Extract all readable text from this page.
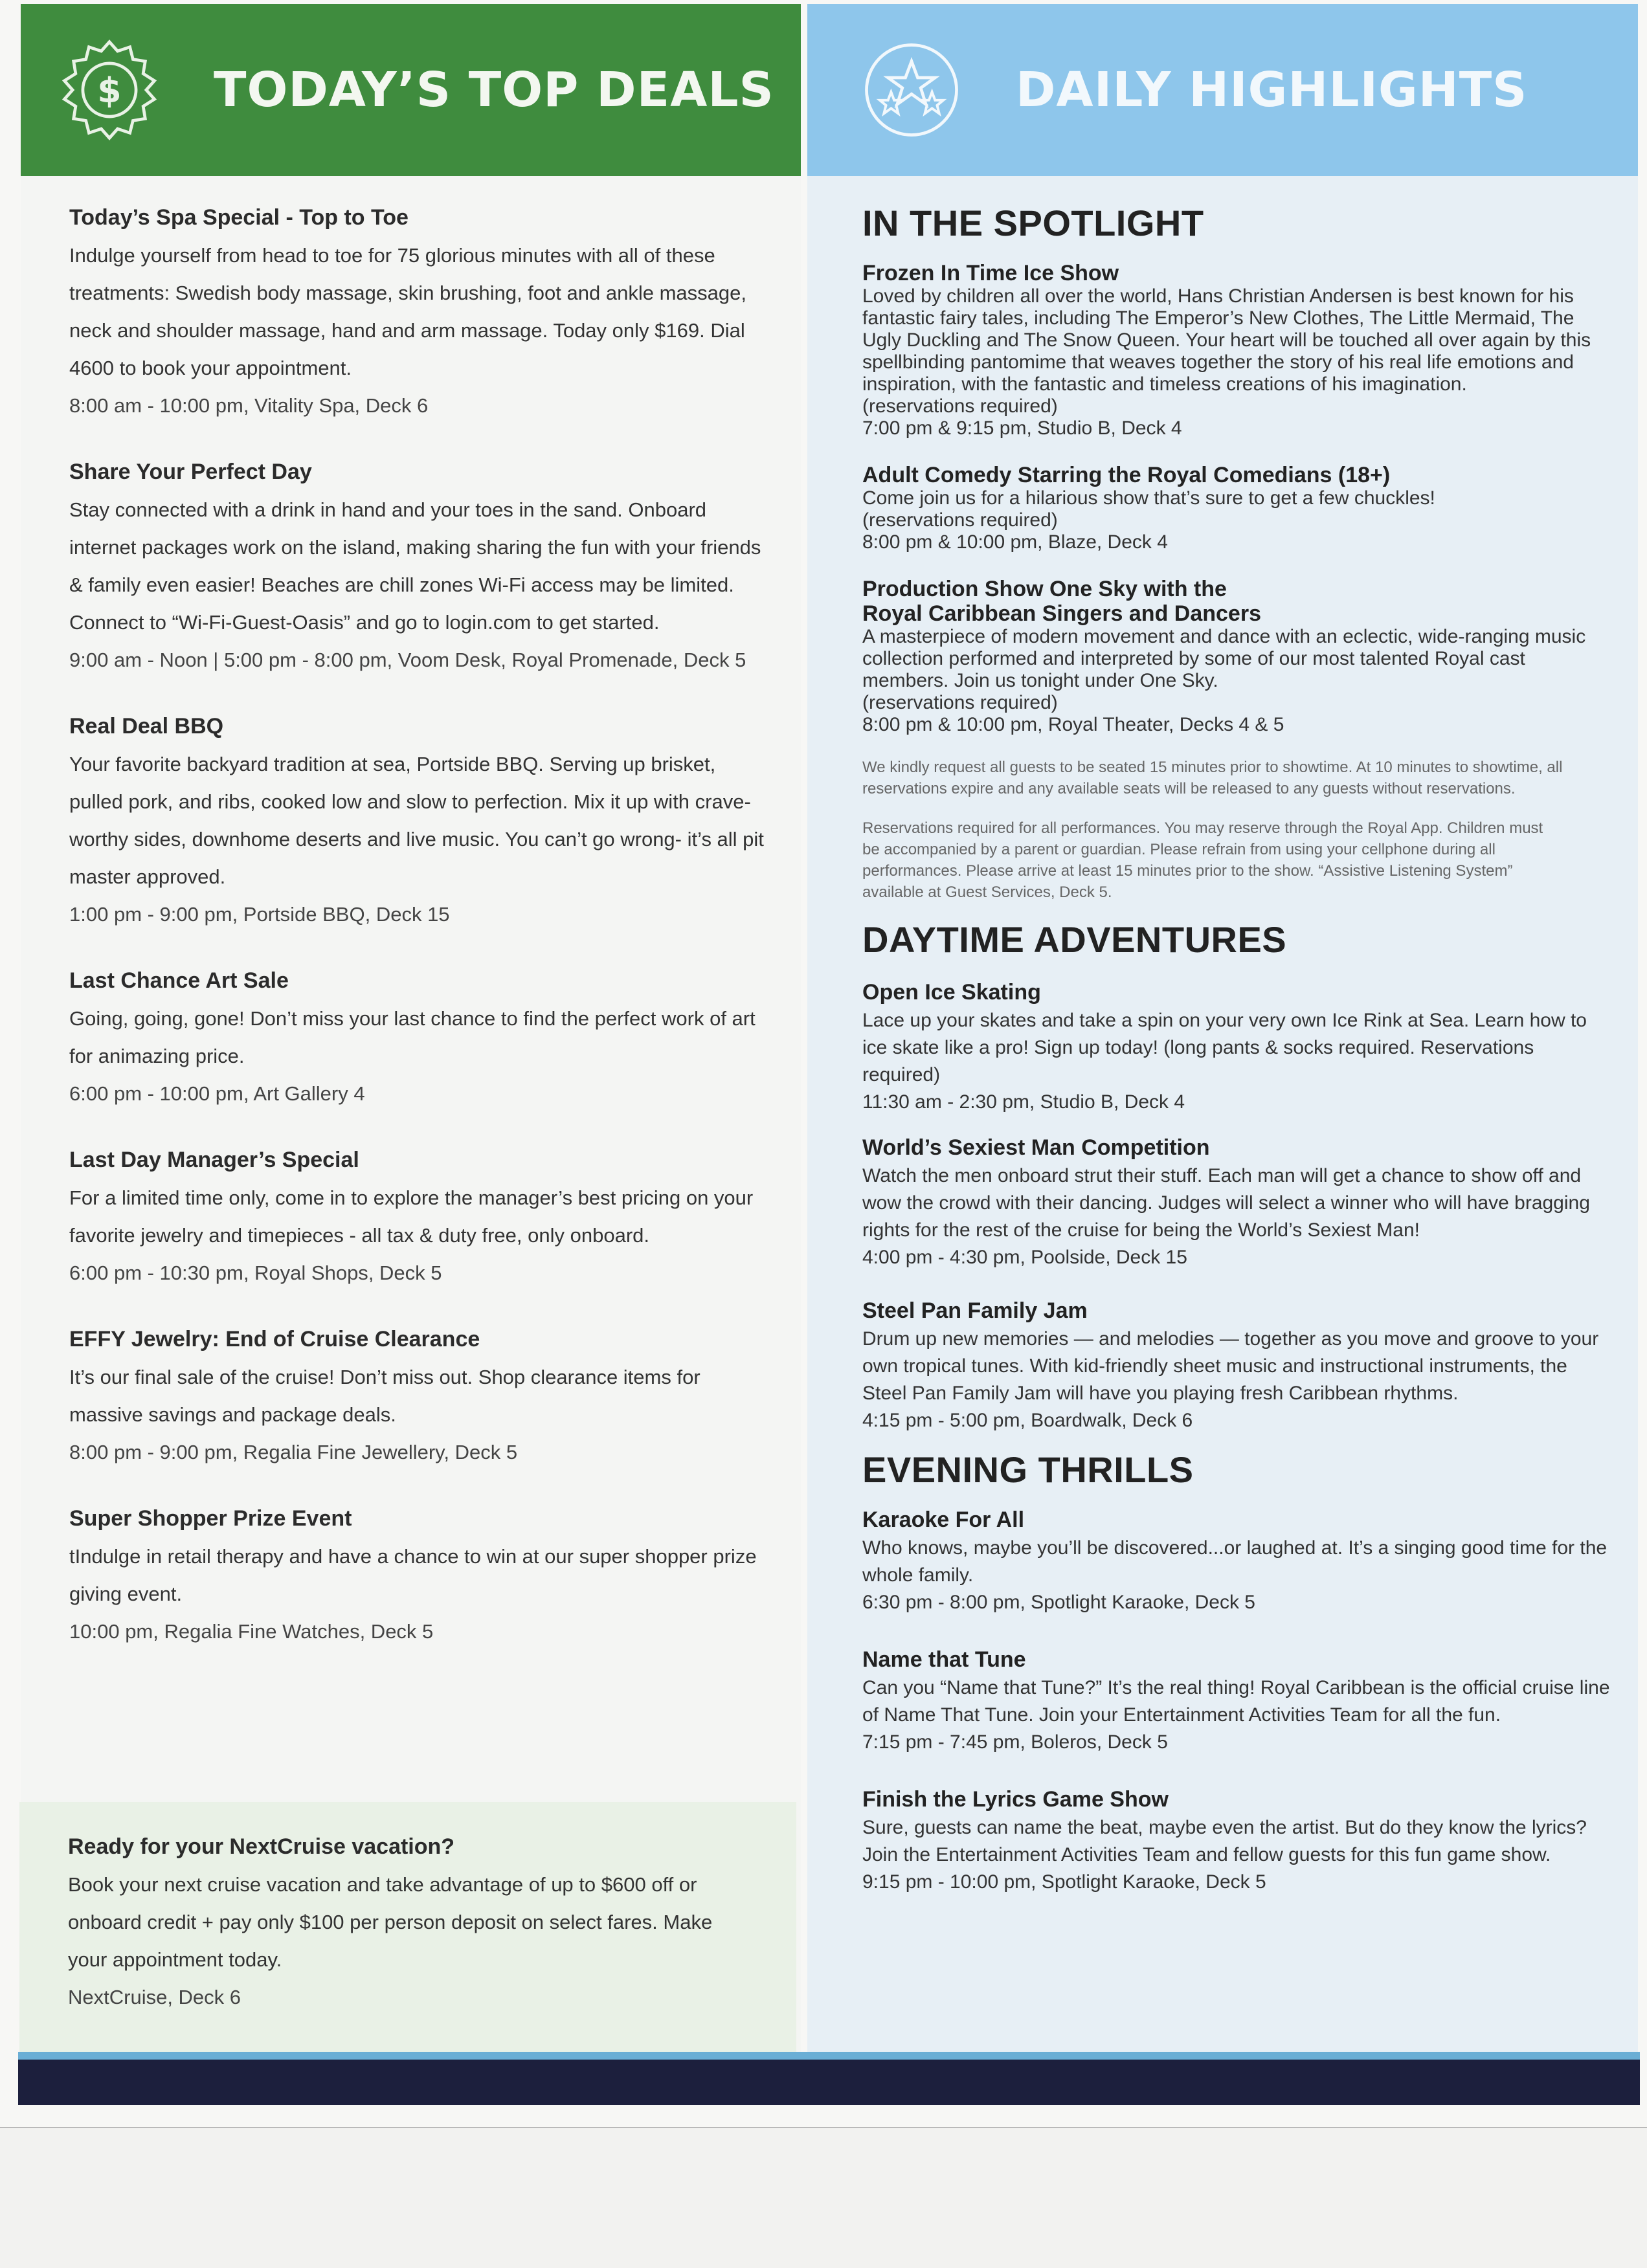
$ TODAY’S TOP DEALS	DAILY HIGHLIGHTS
Today’s Spa Special - Top to Toe

Indulge yourself from head to toe for 75 glorious minutes with all of these treatments: Swedish body massage, skin brushing, foot and ankle massage, neck and shoulder massage, hand and arm massage. Today only $169. Dial 4600 to book your appointment.

8:00 am - 10:00 pm, Vitality Spa, Deck 6
Share Your Perfect Day

Stay connected with a drink in hand and your toes in the sand. Onboard internet packages work on the island, making sharing the fun with your friends & family even easier! Beaches are chill zones Wi-Fi access may be limited. Connect to “Wi-Fi-Guest-Oasis” and go to login.com to get started.

9:00 am - Noon | 5:00 pm - 8:00 pm, Voom Desk, Royal Promenade, Deck 5
Real Deal BBQ

Your favorite backyard tradition at sea, Portside BBQ. Serving up brisket, pulled pork, and ribs, cooked low and slow to perfection. Mix it up with crave-worthy sides, downhome deserts and live music. You can’t go wrong- it’s all pit master approved.

1:00 pm - 9:00 pm, Portside BBQ, Deck 15
Last Chance Art Sale

Going, going, gone! Don’t miss your last chance to find the perfect work of art for animazing price.

6:00 pm - 10:00 pm, Art Gallery 4
Last Day Manager’s Special

For a limited time only, come in to explore the manager’s best pricing on your favorite jewelry and timepieces - all tax & duty free, only onboard.

6:00 pm - 10:30 pm, Royal Shops, Deck 5
EFFY Jewelry: End of Cruise Clearance

It’s our final sale of the cruise! Don’t miss out. Shop clearance items for massive savings and package deals.

8:00 pm - 9:00 pm, Regalia Fine Jewellery, Deck 5
Super Shopper Prize Event

tIndulge in retail therapy and have a chance to win at our super shopper prize giving event.

10:00 pm, Regalia Fine Watches, Deck 5
Ready for your NextCruise vacation?

Book your next cruise vacation and take advantage of up to $600 off or onboard credit + pay only $100 per person deposit on select fares. Make your appointment today.

NextCruise, Deck 6
IN THE SPOTLIGHT
Frozen In Time Ice Show

Loved by children all over the world, Hans Christian Andersen is best known for his fantastic fairy tales, including The Emperor’s New Clothes, The Little Mermaid, The Ugly Duckling and The Snow Queen. Your heart will be touched all over again by this spellbinding pantomime that weaves together the story of his real life emotions and inspiration, with the fantastic and timeless creations of his imagination.

(reservations required)

7:00 pm & 9:15 pm, Studio B, Deck 4
Adult Comedy Starring the Royal Comedians (18+)

Come join us for a hilarious show that’s sure to get a few chuckles!

(reservations required)

8:00 pm & 10:00 pm, Blaze, Deck 4
Production Show One Sky with the Royal Caribbean Singers and Dancers

A masterpiece of modern movement and dance with an eclectic, wide-ranging music collection performed and interpreted by some of our most talented Royal cast members. Join us tonight under One Sky.

(reservations required)

8:00 pm & 10:00 pm, Royal Theater, Decks 4 & 5

We kindly request all guests to be seated 15 minutes prior to showtime. At 10 minutes to showtime, all reservations expire and any available seats will be released to any guests without reservations.

Reservations required for all performances. You may reserve through the Royal App. Children must be accompanied by a parent or guardian. Please refrain from using your cellphone during all performances. Please arrive at least 15 minutes prior to the show. “Assistive Listening System” available at Guest Services, Deck 5.

DAYTIME ADVENTURES
Open Ice Skating

Lace up your skates and take a spin on your very own Ice Rink at Sea. Learn how to ice skate like a pro! Sign up today! (long pants & socks required. Reservations required)

11:30 am - 2:30 pm, Studio B, Deck 4
World’s Sexiest Man Competition

Watch the men onboard strut their stuff. Each man will get a chance to show off and wow the crowd with their dancing. Judges will select a winner who will have bragging rights for the rest of the cruise for being the World’s Sexiest Man!

4:00 pm - 4:30 pm, Poolside, Deck 15
Steel Pan Family Jam

Drum up new memories — and melodies — together as you move and groove to your own tropical tunes. With kid-friendly sheet music and instructional instruments, the Steel Pan Family Jam will have you playing fresh Caribbean rhythms.

4:15 pm - 5:00 pm, Boardwalk, Deck 6
EVENING THRILLS
Karaoke For All

Who knows, maybe you’ll be discovered...or laughed at. It’s a singing good time for the whole family.

6:30 pm - 8:00 pm, Spotlight Karaoke, Deck 5
Name that Tune

Can you “Name that Tune?” It’s the real thing! Royal Caribbean is the official cruise line of Name That Tune. Join your Entertainment Activities Team for all the fun.

7:15 pm - 7:45 pm, Boleros, Deck 5
Finish the Lyrics Game Show

Sure, guests can name the beat, maybe even the artist. But do they know the lyrics? Join the Entertainment Activities Team and fellow guests for this fun game show.

9:15 pm - 10:00 pm, Spotlight Karaoke, Deck 5
